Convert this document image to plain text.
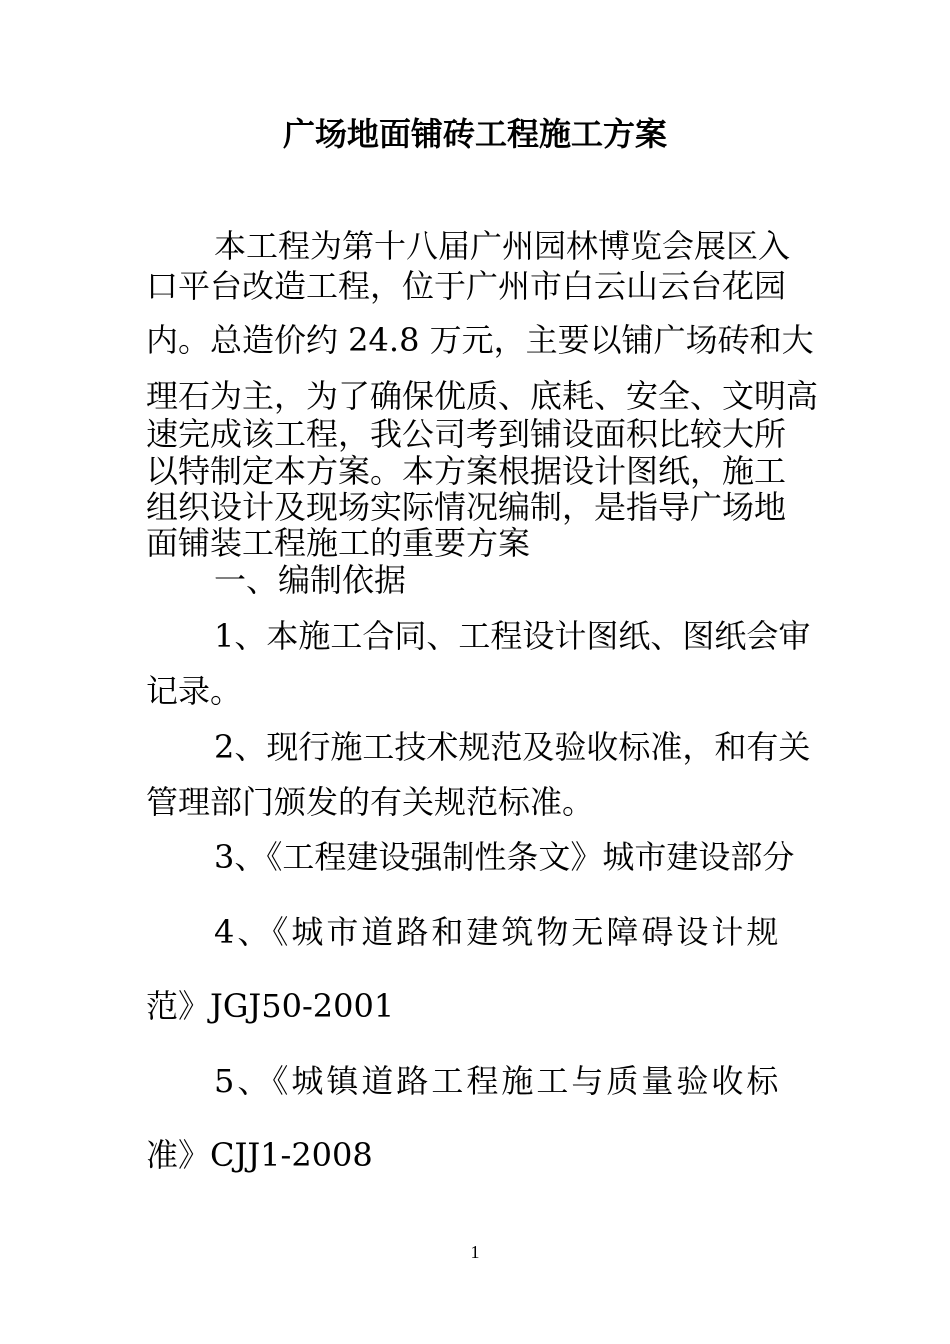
广场地面铺砖工程施工方案
本工程为第十八届广州园林博览会展区入
口平台改造工程，位于广州市白云山云台花园
内。总造价约 24.8 万元，主要以铺广场砖和大
理石为主，为了确保优质、底耗、安全、文明高
速完成该工程，我公司考到铺设面积比较大所
以特制定本方案。本方案根据设计图纸，施工
组织设计及现场实际情况编制，是指导广场地
面铺装工程施工的重要方案
一、编制依据
1、本施工合同、工程设计图纸、图纸会审
记录。
2、现行施工技术规范及验收标准，和有关
管理部门颁发的有关规范标准。
3、《工程建设强制性条文》城市建设部分
4、《城市道路和建筑物无障碍设计规
范》JGJ50-2001
5、《城镇道路工程施工与质量验收标
准》CJJ1-2008
1
